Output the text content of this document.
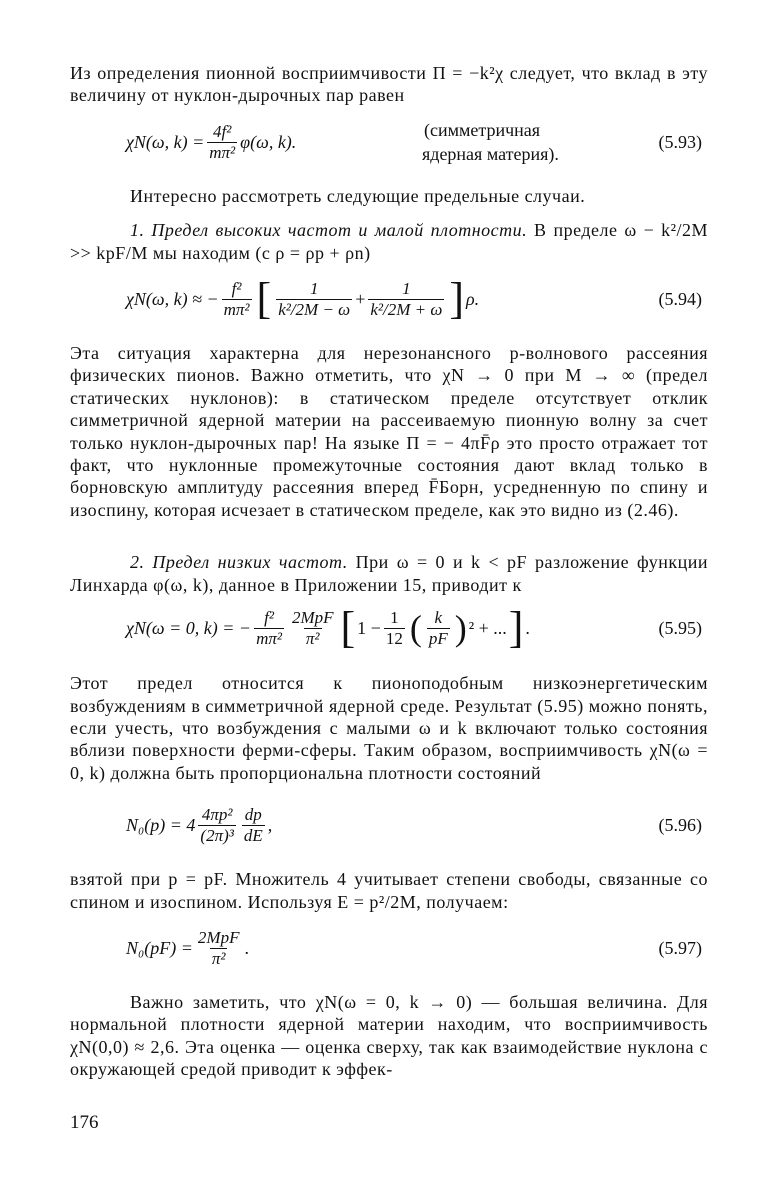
Из определения пионной восприимчивости Π = −k²χ следует, что вклад в эту величину от нуклон-дырочных пар равен

χN(ω, $k) = \frac{\text{4f²}}{\text{mπ²}} \varphi(\omega$, k).
(симметричная
ядерная материя).
(5.93)

Интересно рассмотреть следующие предельные случаи.

1. Предел высоких частот и малой плотности. В пределе ω − k²/2M >> kpF/M мы находим (с ρ = ρp + ρn)

χN(ω, k) ≈ − $\frac{\text{f²}}{\text{mπ²}}$ [ $\frac{1}{\text{k²/2M − ω}} + \frac{1}{\text{k²/2M + ω}}$ ] ρ.	(5.94)

Эта ситуация характерна для нерезонансного p-волнового рассеяния физических пионов. Важно отметить, что χN → 0 при M → ∞ (предел статических нуклонов): в статическом пределе отсутствует отклик симметричной ядерной материи на рассеиваемую пионную волну за счет только нуклон-дырочных пар! На языке Π = − 4πF̄ρ это просто отражает тот факт, что нуклонные промежуточные состояния дают вклад только в борновскую амплитуду рассеяния вперед F̄Борн, усредненную по спину и изоспину, которая исчезает в статическом пределе, как это видно из (2.46).

2. Предел низких частот. При ω = 0 и k < pF разложение функции Линхарда φ(ω, k), данное в Приложении 15, приводит к

χN(ω = 0, k) = − $\frac{\text{f²}}{\text{mπ²}} \frac{\text{2MpF}}{\text{π²}}$ [ $1 - \frac{1}{12}$ ( $\frac{k}{pF}$ ) ² + ... ] .	(5.95)

Этот предел относится к пионоподобным низкоэнергетическим возбуждениям в симметричной ядерной среде. Результат (5.95) можно понять, если учесть, что возбуждения с малыми ω и k включают только состояния вблизи поверхности ферми-сферы. Таким образом, восприимчивость χN(ω = 0, k) должна быть пропорциональна плотности состояний

$N_0(p) = 4 \frac{\text{4πp²}}{\text{(2π)³}} \frac{dp}{dE}$ ,	(5.96)

взятой при p = pF. Множитель 4 учитывает степени свободы, связанные со спином и изоспином. Используя E = p²/2M, получаем:

$N_0(pF) = \frac{\text{2MpF}}{\text{π²}}$ .	(5.97)

Важно заметить, что χN(ω = 0, k → 0) — большая величина. Для нормальной плотности ядерной материи находим, что восприимчивость χN(0,0) ≈ 2,6. Эта оценка — оценка сверху, так как взаимодействие нуклона с окружающей средой приводит к эффек-

176
